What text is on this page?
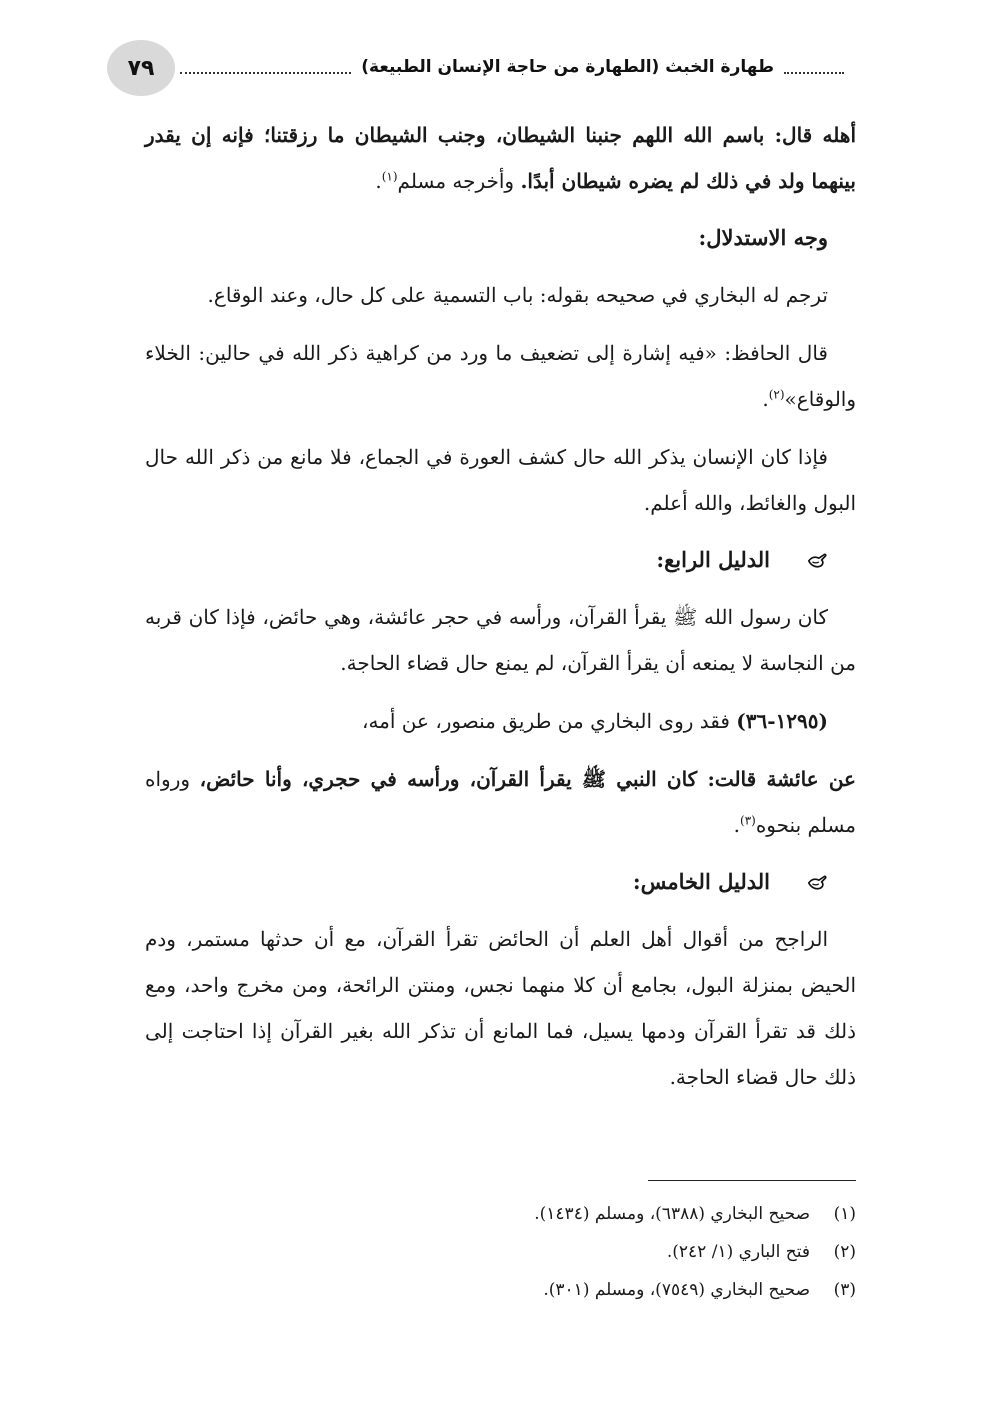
٧٩	طهارة الخبث (الطهارة من حاجة الإنسان الطبيعة)

أهله قال: باسم الله اللهم جنبنا الشيطان، وجنب الشيطان ما رزقتنا؛ فإنه إن يقدر بينهما ولد في ذلك لم يضره شيطان أبدًا. وأخرجه مسلم$^{(١)}$.

وجه الاستدلال:

ترجم له البخاري في صحيحه بقوله: باب التسمية على كل حال، وعند الوقاع.

قال الحافظ: «فيه إشارة إلى تضعيف ما ورد من كراهية ذكر الله في حالين: الخلاء والوقاع»$^{(٢)}$.

فإذا كان الإنسان يذكر الله حال كشف العورة في الجماع، فلا مانع من ذكر الله حال البول والغائط، والله أعلم.

الدليل الرابع:

كان رسول الله ﷺ يقرأ القرآن، ورأسه في حجر عائشة، وهي حائض، فإذا كان قربه من النجاسة لا يمنعه أن يقرأ القرآن، لم يمنع حال قضاء الحاجة.

(١٢٩٥-٣٦) فقد روى البخاري من طريق منصور، عن أمه،

عن عائشة قالت: كان النبي ﷺ يقرأ القرآن، ورأسه في حجري، وأنا حائض، ورواه مسلم بنحوه$^{(٣)}$.

الدليل الخامس:

الراجح من أقوال أهل العلم أن الحائض تقرأ القرآن، مع أن حدثها مستمر، ودم الحيض بمنزلة البول، بجامع أن كلا منهما نجس، ومنتن الرائحة، ومن مخرج واحد، ومع ذلك قد تقرأ القرآن ودمها يسيل، فما المانع أن تذكر الله بغير القرآن إذا احتاجت إلى ذلك حال قضاء الحاجة.

(١)
صحيح البخاري (٦٣٨٨)، ومسلم (١٤٣٤).
(٢)
فتح الباري (١/ ٢٤٢).
(٣)
صحيح البخاري (٧٥٤٩)، ومسلم (٣٠١).
